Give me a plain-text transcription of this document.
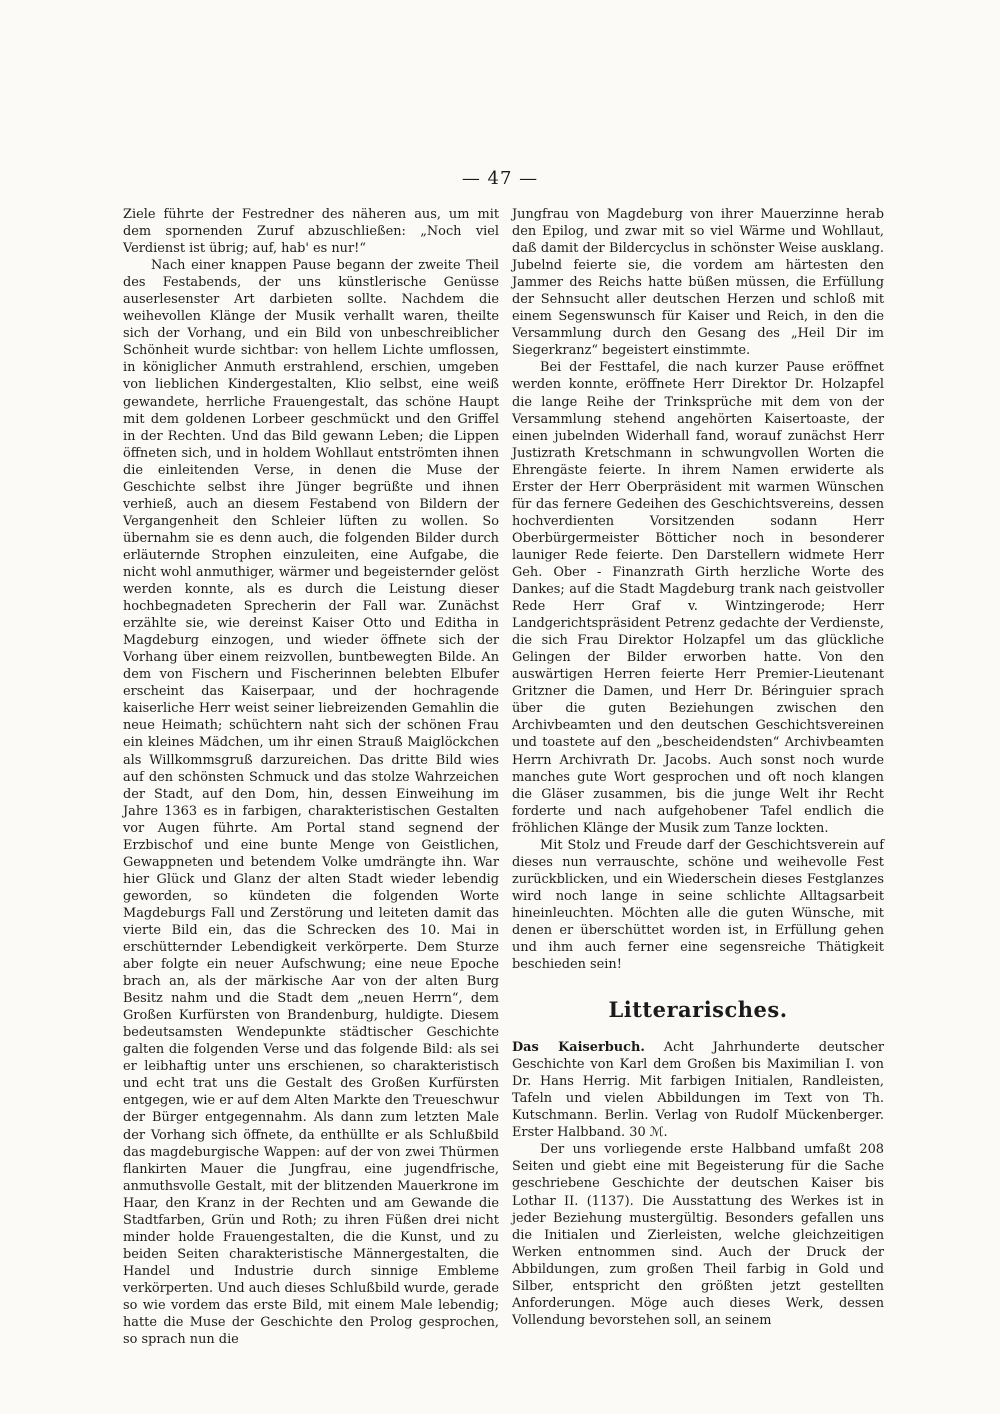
— 47 —

Ziele führte der Festredner des näheren aus, um mit dem spornenden Zuruf abzuschließen: „Noch viel Verdienst ist übrig; auf, hab' es nur!“

Nach einer knappen Pause begann der zweite Theil des Festabends, der uns künstlerische Genüsse auserlesenster Art darbieten sollte. Nachdem die weihevollen Klänge der Musik verhallt waren, theilte sich der Vorhang, und ein Bild von unbeschreiblicher Schönheit wurde sichtbar: von hellem Lichte umflossen, in königlicher Anmuth erstrahlend, erschien, umgeben von lieblichen Kindergestalten, Klio selbst, eine weiß gewandete, herrliche Frauengestalt, das schöne Haupt mit dem goldenen Lorbeer geschmückt und den Griffel in der Rechten. Und das Bild gewann Leben; die Lippen öffneten sich, und in holdem Wohllaut entströmten ihnen die einleitenden Verse, in denen die Muse der Geschichte selbst ihre Jünger begrüßte und ihnen verhieß, auch an diesem Festabend von Bildern der Vergangenheit den Schleier lüften zu wollen. So übernahm sie es denn auch, die folgenden Bilder durch erläuternde Strophen einzuleiten, eine Aufgabe, die nicht wohl anmuthiger, wärmer und begeisternder gelöst werden konnte, als es durch die Leistung dieser hochbegnadeten Sprecherin der Fall war. Zunächst erzählte sie, wie dereinst Kaiser Otto und Editha in Magdeburg einzogen, und wieder öffnete sich der Vorhang über einem reizvollen, buntbewegten Bilde. An dem von Fischern und Fischerinnen belebten Elbufer erscheint das Kaiserpaar, und der hochragende kaiserliche Herr weist seiner liebreizenden Gemahlin die neue Heimath; schüchtern naht sich der schönen Frau ein kleines Mädchen, um ihr einen Strauß Maiglöckchen als Willkommsgruß darzureichen. Das dritte Bild wies auf den schönsten Schmuck und das stolze Wahrzeichen der Stadt, auf den Dom, hin, dessen Einweihung im Jahre 1363 es in farbigen, charakteristischen Gestalten vor Augen führte. Am Portal stand segnend der Erzbischof und eine bunte Menge von Geistlichen, Gewappneten und betendem Volke umdrängte ihn. War hier Glück und Glanz der alten Stadt wieder lebendig geworden, so kündeten die folgenden Worte Magdeburgs Fall und Zerstörung und leiteten damit das vierte Bild ein, das die Schrecken des 10. Mai in erschütternder Lebendigkeit verkörperte. Dem Sturze aber folgte ein neuer Aufschwung; eine neue Epoche brach an, als der märkische Aar von der alten Burg Besitz nahm und die Stadt dem „neuen Herrn“, dem Großen Kurfürsten von Brandenburg, huldigte. Diesem bedeutsamsten Wendepunkte städtischer Geschichte galten die folgenden Verse und das folgende Bild: als sei er leibhaftig unter uns erschienen, so charakteristisch und echt trat uns die Gestalt des Großen Kurfürsten entgegen, wie er auf dem Alten Markte den Treueschwur der Bürger entgegennahm. Als dann zum letzten Male der Vorhang sich öffnete, da enthüllte er als Schlußbild das magdeburgische Wappen: auf der von zwei Thürmen flankirten Mauer die Jungfrau, eine jugendfrische, anmuthsvolle Gestalt, mit der blitzenden Mauerkrone im Haar, den Kranz in der Rechten und am Gewande die Stadtfarben, Grün und Roth; zu ihren Füßen drei nicht minder holde Frauengestalten, die die Kunst, und zu beiden Seiten charakteristische Männergestalten, die Handel und Industrie durch sinnige Embleme verkörperten. Und auch dieses Schlußbild wurde, gerade so wie vordem das erste Bild, mit einem Male lebendig; hatte die Muse der Geschichte den Prolog gesprochen, so sprach nun die

Jungfrau von Magdeburg von ihrer Mauerzinne herab den Epilog, und zwar mit so viel Wärme und Wohllaut, daß damit der Bildercyclus in schönster Weise ausklang. Jubelnd feierte sie, die vordem am härtesten den Jammer des Reichs hatte büßen müssen, die Erfüllung der Sehnsucht aller deutschen Herzen und schloß mit einem Segenswunsch für Kaiser und Reich, in den die Versammlung durch den Gesang des „Heil Dir im Siegerkranz“ begeistert einstimmte.

Bei der Festtafel, die nach kurzer Pause eröffnet werden konnte, eröffnete Herr Direktor Dr. Holzapfel die lange Reihe der Trinksprüche mit dem von der Versammlung stehend angehörten Kaisertoaste, der einen jubelnden Widerhall fand, worauf zunächst Herr Justizrath Kretschmann in schwungvollen Worten die Ehrengäste feierte. In ihrem Namen erwiderte als Erster der Herr Oberpräsident mit warmen Wünschen für das fernere Gedeihen des Geschichtsvereins, dessen hochverdienten Vorsitzenden sodann Herr Oberbürgermeister Bötticher noch in besonderer launiger Rede feierte. Den Darstellern widmete Herr Geh. Ober - Finanzrath Girth herzliche Worte des Dankes; auf die Stadt Magdeburg trank nach geistvoller Rede Herr Graf v. Wintzingerode; Herr Landgerichtspräsident Petrenz gedachte der Verdienste, die sich Frau Direktor Holzapfel um das glückliche Gelingen der Bilder erworben hatte. Von den auswärtigen Herren feierte Herr Premier-Lieutenant Gritzner die Damen, und Herr Dr. Béringuier sprach über die guten Beziehungen zwischen den Archivbeamten und den deutschen Geschichtsvereinen und toastete auf den „bescheidendsten“ Archivbeamten Herrn Archivrath Dr. Jacobs. Auch sonst noch wurde manches gute Wort gesprochen und oft noch klangen die Gläser zusammen, bis die junge Welt ihr Recht forderte und nach aufgehobener Tafel endlich die fröhlichen Klänge der Musik zum Tanze lockten.

Mit Stolz und Freude darf der Geschichtsverein auf dieses nun verrauschte, schöne und weihevolle Fest zurückblicken, und ein Wiederschein dieses Festglanzes wird noch lange in seine schlichte Alltagsarbeit hineinleuchten. Möchten alle die guten Wünsche, mit denen er überschüttet worden ist, in Erfüllung gehen und ihm auch ferner eine segensreiche Thätigkeit beschieden sein!

Litterarisches.

Das Kaiserbuch. Acht Jahrhunderte deutscher Geschichte von Karl dem Großen bis Maximilian I. von Dr. Hans Herrig. Mit farbigen Initialen, Randleisten, Tafeln und vielen Abbildungen im Text von Th. Kutschmann. Berlin. Verlag von Rudolf Mückenberger. Erster Halbband. 30 ℳ.

Der uns vorliegende erste Halbband umfaßt 208 Seiten und giebt eine mit Begeisterung für die Sache geschriebene Geschichte der deutschen Kaiser bis Lothar II. (1137). Die Ausstattung des Werkes ist in jeder Beziehung mustergültig. Besonders gefallen uns die Initialen und Zierleisten, welche gleichzeitigen Werken entnommen sind. Auch der Druck der Abbildungen, zum großen Theil farbig in Gold und Silber, entspricht den größten jetzt gestellten Anforderungen. Möge auch dieses Werk, dessen Vollendung bevorstehen soll, an seinem
